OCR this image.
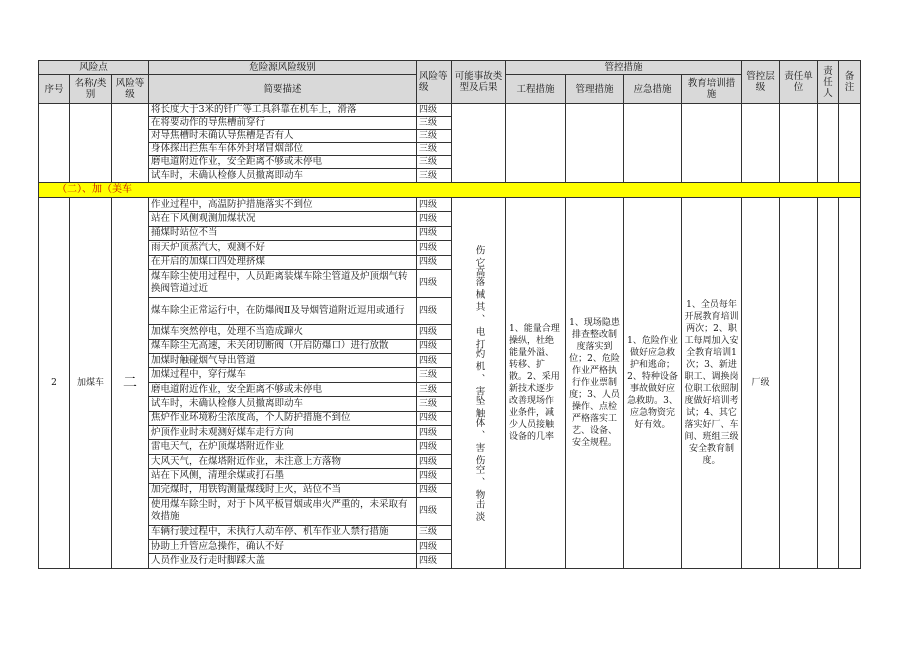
风险点			危险源风险级别	风险等级	可能事故类型及后果	管控措施				管控层级	责任单位	责任人	备注
序号	名称/类别	风险等级	简要描述			工程措施	管理措施	应急措施	教育培训措施				
			将长度大于3米的钎广等工具斜靠在机车上，滑落	四级									
			在将要动作的导焦槽前穿行	三级									
			对导焦槽时未确认导焦槽是否有人	三级									
			身体探出拦焦车车体外封堵冒烟部位	三级									
			磨电道附近作业，安全距离不够或未停电	三级									
			试车时，未确认检修人员撤离即动车	三级									
（二）、加（美车													
2	加煤车	二	作业过程中，高温防护措施落实不到位	四级	伤 它高落 械 其 、 电 打灼 机 、 害坠 触体 、 害 伤空 、 物击 淡	1、能量合理操纵，杜绝能量外溢、转移、扩散。2、采用新技术逐步改善现场作业条件，减少人员接触设备的几率	1、现场隐患排查整改制度落实到位；2、危险作业严格执行作业票制度；3、人员操作、点检严格落实工艺、设备、安全规程。	1、危险作业做好应急救护和逃命；2、特种设备事故做好应急救助。3、应急物资完好有效。	1、全员每年开展教育培训两次；2、职工每周加入安全教育培训1次；3、新进职工、调换岗位职工依照制度做好培训考试；4、其它落实好厂、车间、班组三级安全教育制度。	厂级			
			站在下风侧观测加煤状况	四级									
			捅煤时站位不当	四级									
			雨天炉顶蒸汽大，观测不好	四级									
			在开启的加煤口四处理挤煤	四级									
			煤车除尘使用过程中，人员距离装煤车除尘管道及炉顶烟气转换阀管道过近	四级									
			煤车除尘正常运行中，在防爆阀Ⅱ及导烟管道附近逗用或通行	四级									
			加煤车突然停电，处理不当造成蹿火	四级									
			煤车除尘无高速，未关闭切断阀（开启防爆口）进行放散	四级									
			加煤时触碰烟气导出管道	四级									
			加煤过程中，穿行煤车	三级									
			磨电道附近作业，安全距离不够或未停电	三级									
			试车时，未确认检修人员撤离即动车	三级									
			焦炉作业环境粉尘浓度高，个人防护措施不到位	四级									
			炉顶作业时未观测好煤车走行方向	四级									
			雷电天气，在炉顶煤塔附近作业	四级									
			大风天气，在煤塔附近作业，未注意上方落物	四级									
			站在下风侧，清理余煤或打石墨	四级									
			加完煤时，用铁钩测量煤线时上火，站位不当	四级									
			使用煤车除尘时，对于卜风平板冒烟或串火严重的，未采取有效措施	四级									
			车辆行驶过程中，未执行人动车停、机车作业人禁行措施	三级									
			协助上升管应急操作，确认不好	四级									
			人员作业及行走时脚踩大盖	四级									
